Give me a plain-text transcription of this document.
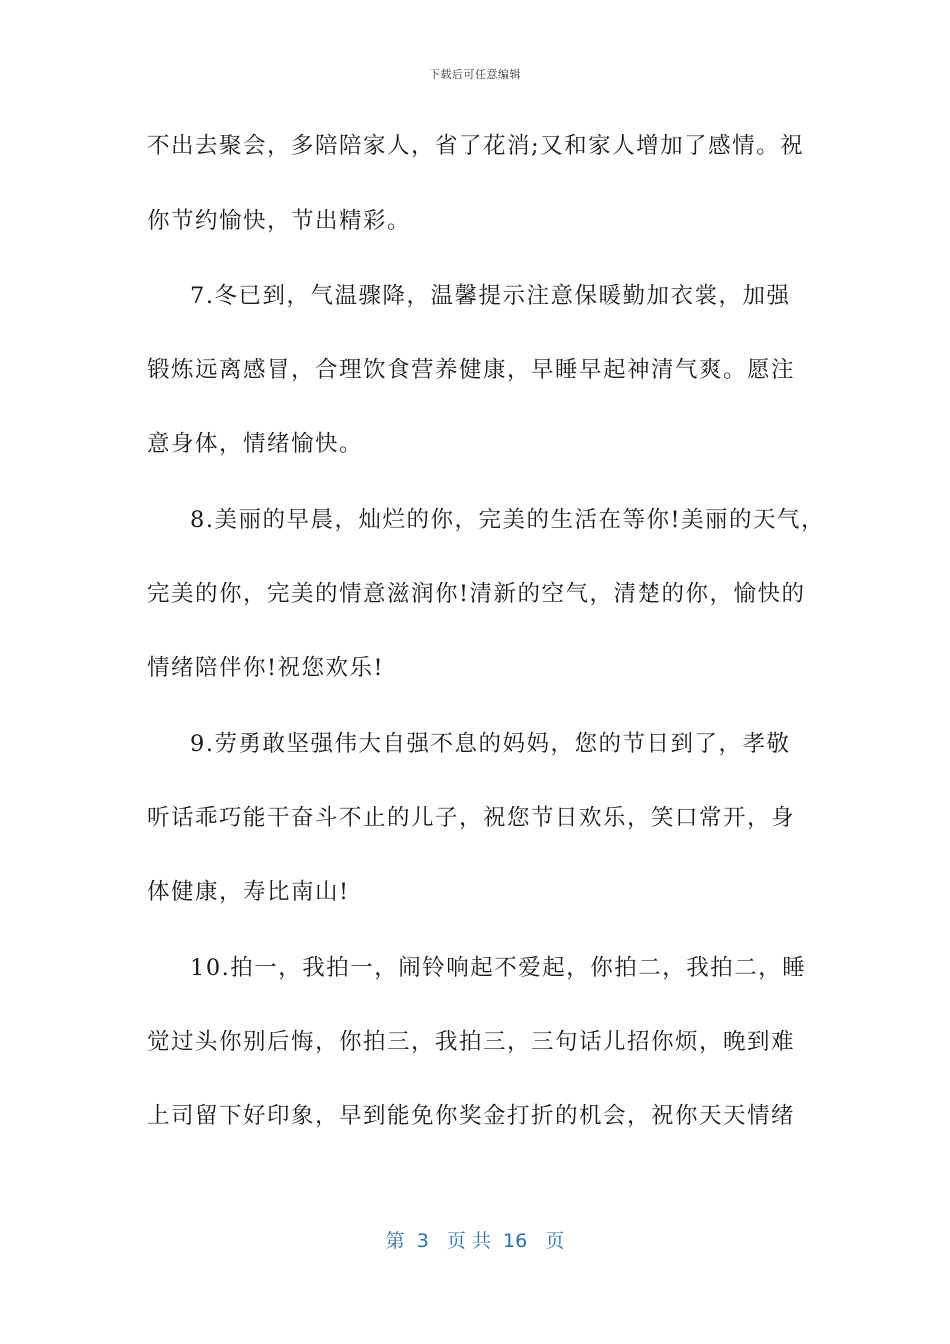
下载后可任意编辑
不出去聚会，多陪陪家人，省了花消;又和家人增加了感情。祝
你节约愉快，节出精彩。
7.冬已到，气温骤降，温馨提示注意保暖勤加衣裳，加强
锻炼远离感冒，合理饮食营养健康，早睡早起神清气爽。愿注
意身体，情绪愉快。
8.美丽的早晨，灿烂的你，完美的生活在等你!美丽的天气，
完美的你，完美的情意滋润你!清新的空气，清楚的你，愉快的
情绪陪伴你!祝您欢乐!
9.劳勇敢坚强伟大自强不息的妈妈，您的节日到了，孝敬
听话乖巧能干奋斗不止的儿子，祝您节日欢乐，笑口常开，身
体健康，寿比南山!
10.拍一，我拍一，闹铃响起不爱起，你拍二，我拍二，睡
觉过头你别后悔，你拍三，我拍三，三句话儿招你烦，晚到难
上司留下好印象，早到能免你奖金打折的机会，祝你天天情绪
第  3   页 共  16   页
